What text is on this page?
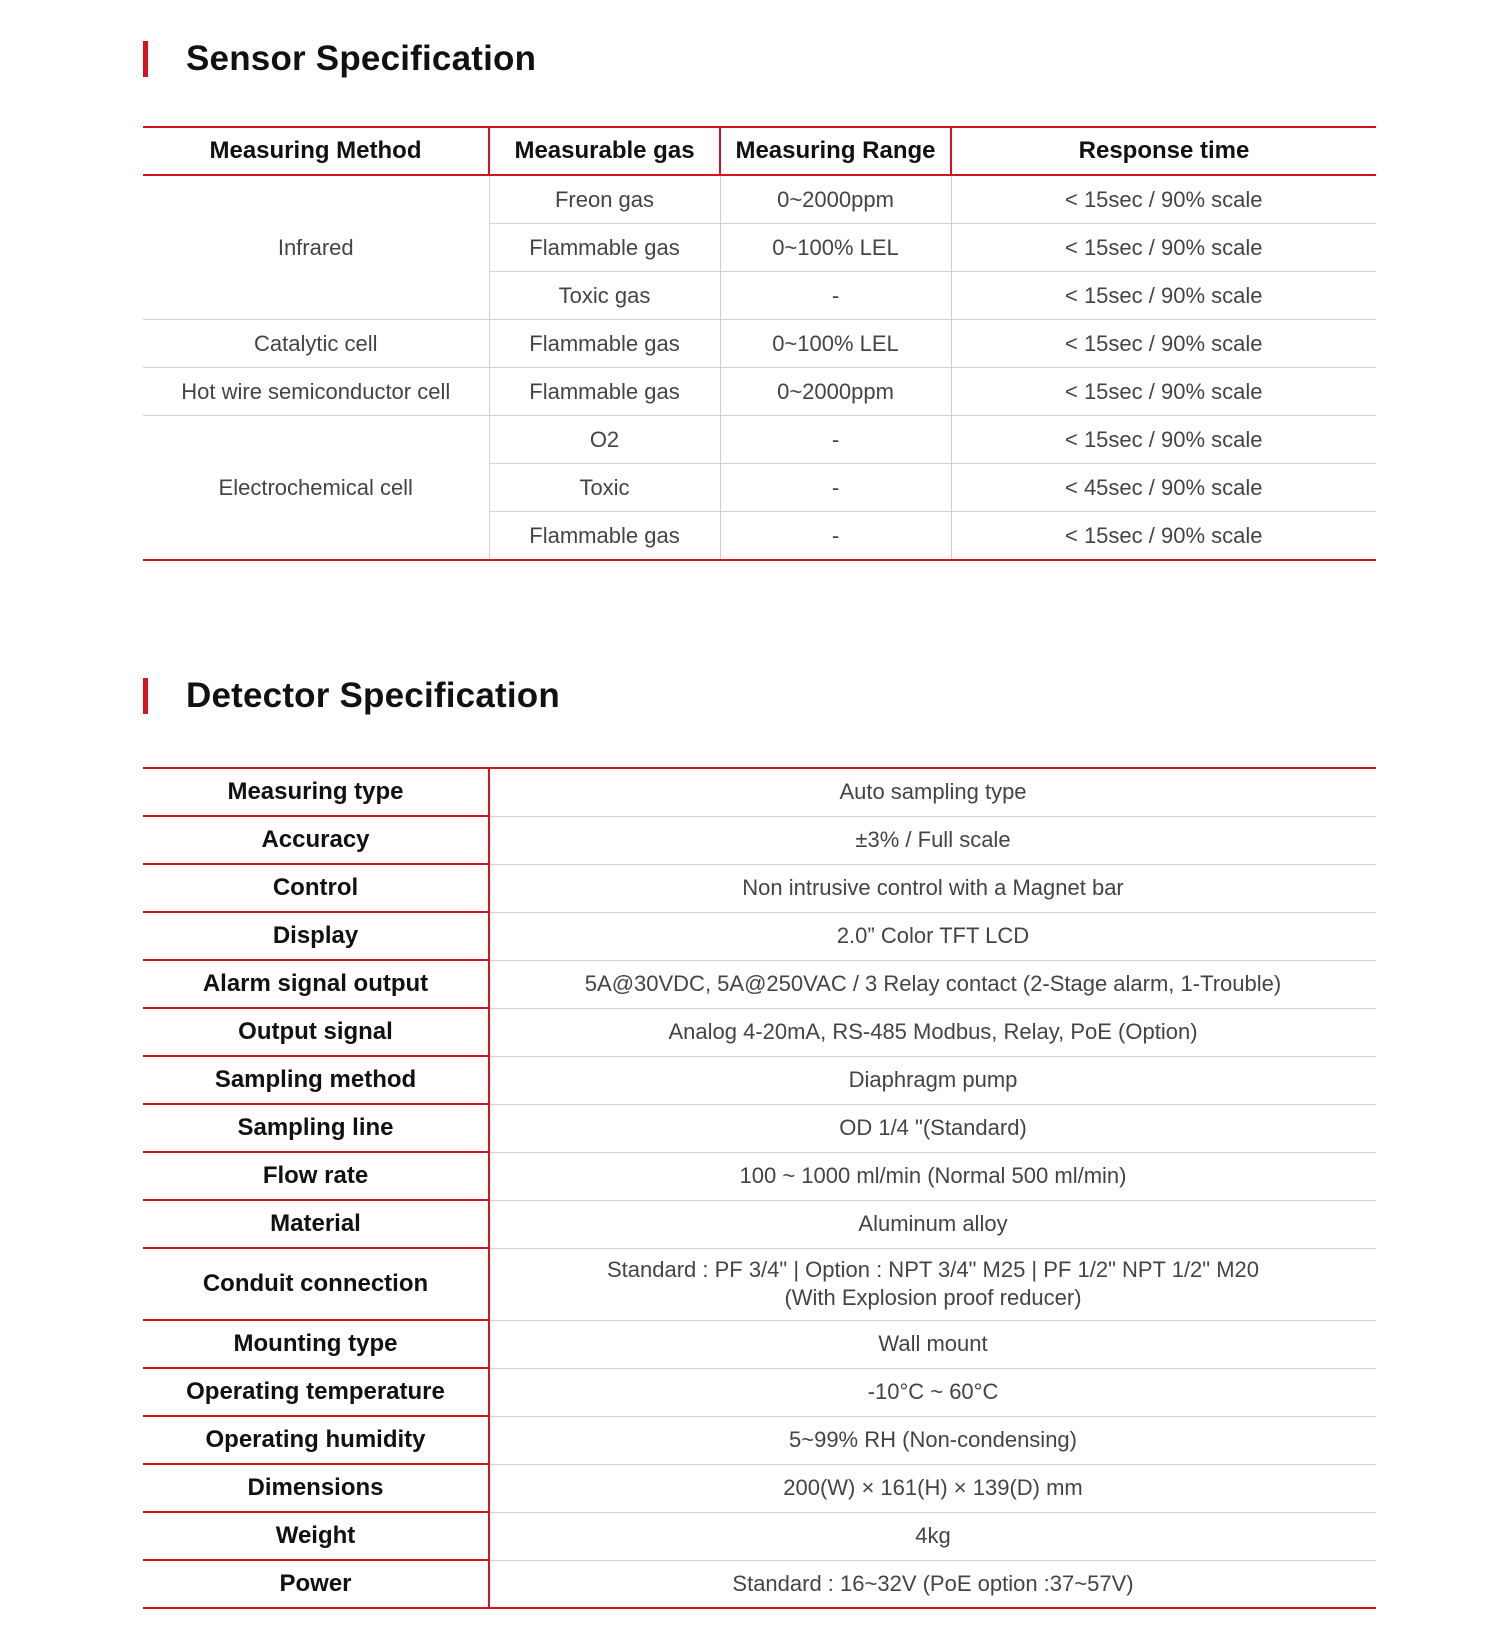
Sensor Specification
Measuring Method	Measurable gas	Measuring Range	Response time
Infrared	Freon gas	0~2000ppm	< 15sec / 90% scale
	Flammable gas	0~100% LEL	< 15sec / 90% scale
	Toxic gas	-	< 15sec / 90% scale
Catalytic cell	Flammable gas	0~100% LEL	< 15sec / 90% scale
Hot wire semiconductor cell	Flammable gas	0~2000ppm	< 15sec / 90% scale
Electrochemical cell	O2	-	< 15sec / 90% scale
	Toxic	-	< 45sec / 90% scale
	Flammable gas	-	< 15sec / 90% scale
Detector Specification
Measuring type	Auto sampling type
Accuracy	±3% / Full scale
Control	Non intrusive control with a Magnet bar
Display	2.0” Color TFT LCD
Alarm signal output	5A@30VDC, 5A@250VAC / 3 Relay contact (2-Stage alarm, 1-Trouble)
Output signal	Analog 4-20mA, RS-485 Modbus, Relay, PoE (Option)
Sampling method	Diaphragm pump
Sampling line	OD 1/4 "(Standard)
Flow rate	100 ~ 1000 ml/min (Normal 500 ml/min)
Material	Aluminum alloy
Conduit connection	Standard : PF 3/4" | Option : NPT 3/4" M25 | PF 1/2" NPT 1/2" M20
(With Explosion proof reducer)

Mounting type	Wall mount
Operating temperature	-10°C ~ 60°C
Operating humidity	5~99% RH (Non-condensing)
Dimensions	200(W) × 161(H) × 139(D) mm
Weight	4kg
Power	Standard : 16~32V (PoE option :37~57V)
